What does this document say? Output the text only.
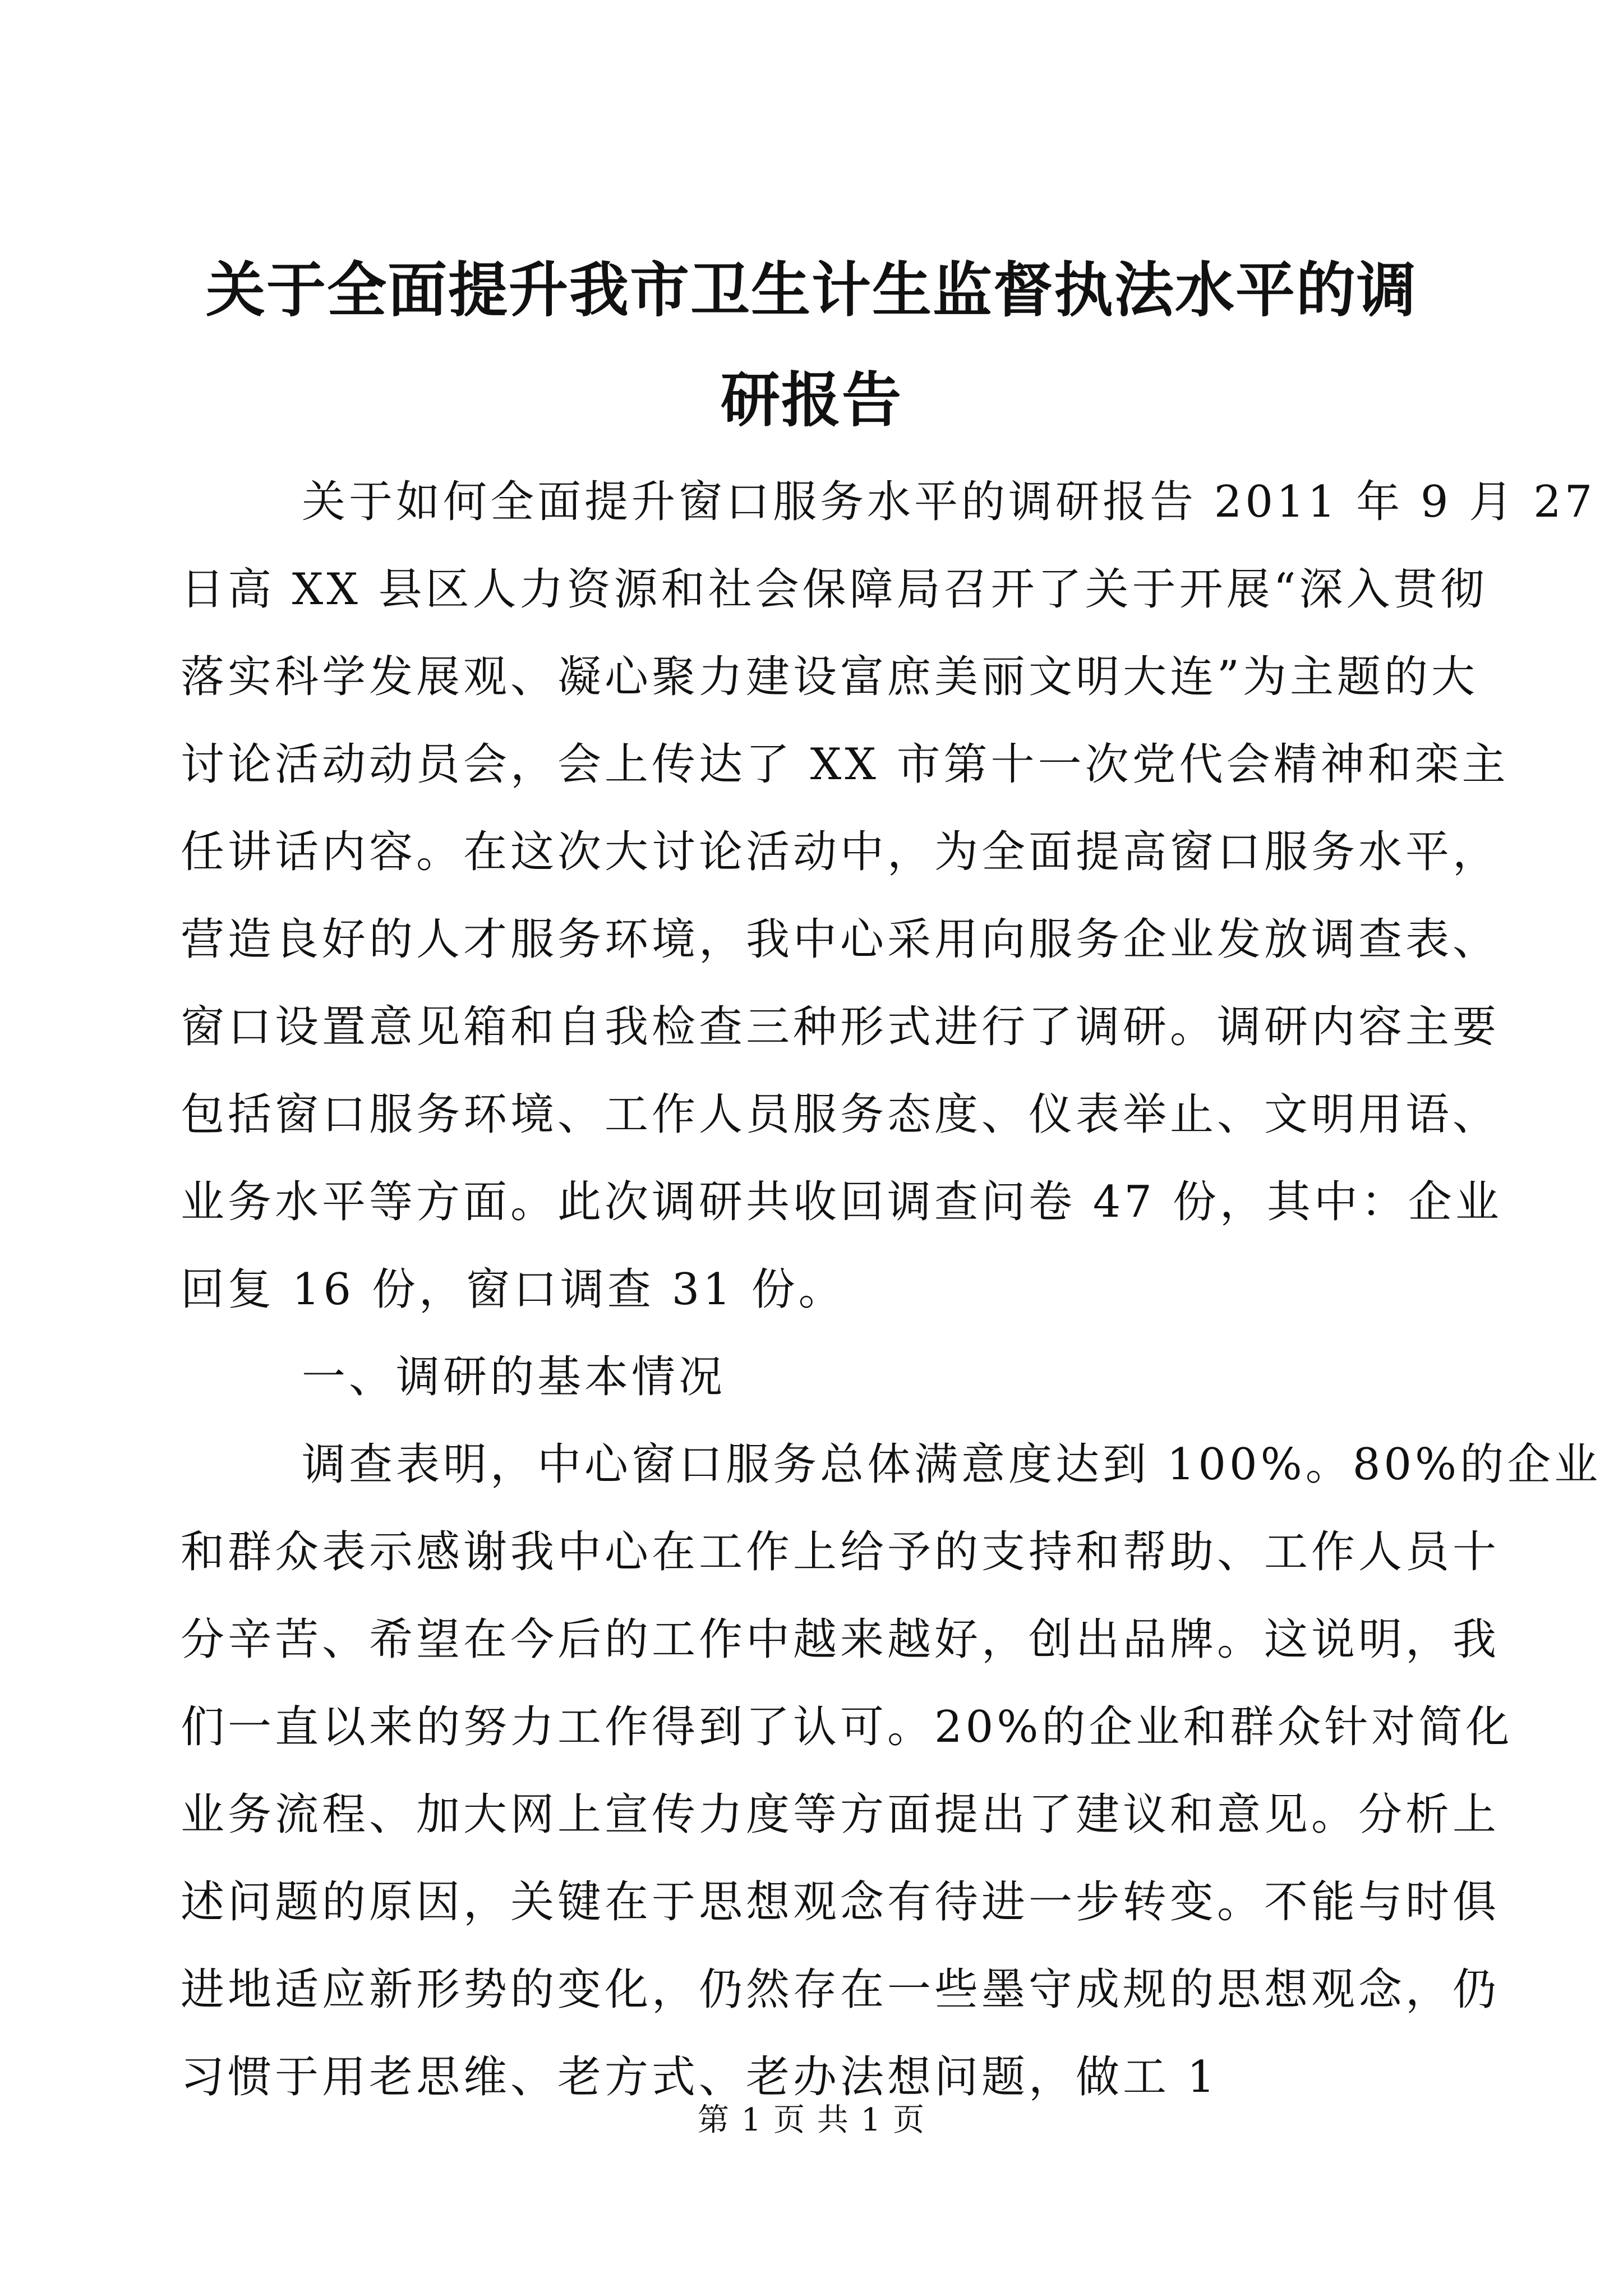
关于全面提升我市卫生计生监督执法水平的调
研报告
关于如何全面提升窗口服务水平的调研报告 2011 年 9 月 27
日高 XX 县区人力资源和社会保障局召开了关于开展“深入贯彻
落实科学发展观、凝心聚力建设富庶美丽文明大连”为主题的大
讨论活动动员会，会上传达了 XX 市第十一次党代会精神和栾主
任讲话内容。在这次大讨论活动中，为全面提高窗口服务水平，
营造良好的人才服务环境，我中心采用向服务企业发放调查表、
窗口设置意见箱和自我检查三种形式进行了调研。调研内容主要
包括窗口服务环境、工作人员服务态度、仪表举止、文明用语、
业务水平等方面。此次调研共收回调查问卷 47 份，其中：企业
回复 16 份，窗口调查 31 份。
一、调研的基本情况
调查表明，中心窗口服务总体满意度达到 100%。80%的企业
和群众表示感谢我中心在工作上给予的支持和帮助、工作人员十
分辛苦、希望在今后的工作中越来越好，创出品牌。这说明，我
们一直以来的努力工作得到了认可。20%的企业和群众针对简化
业务流程、加大网上宣传力度等方面提出了建议和意见。分析上
述问题的原因，关键在于思想观念有待进一步转变。不能与时俱
进地适应新形势的变化，仍然存在一些墨守成规的思想观念，仍
习惯于用老思维、老方式、老办法想问题，做工 1
第 1 页 共 1 页
